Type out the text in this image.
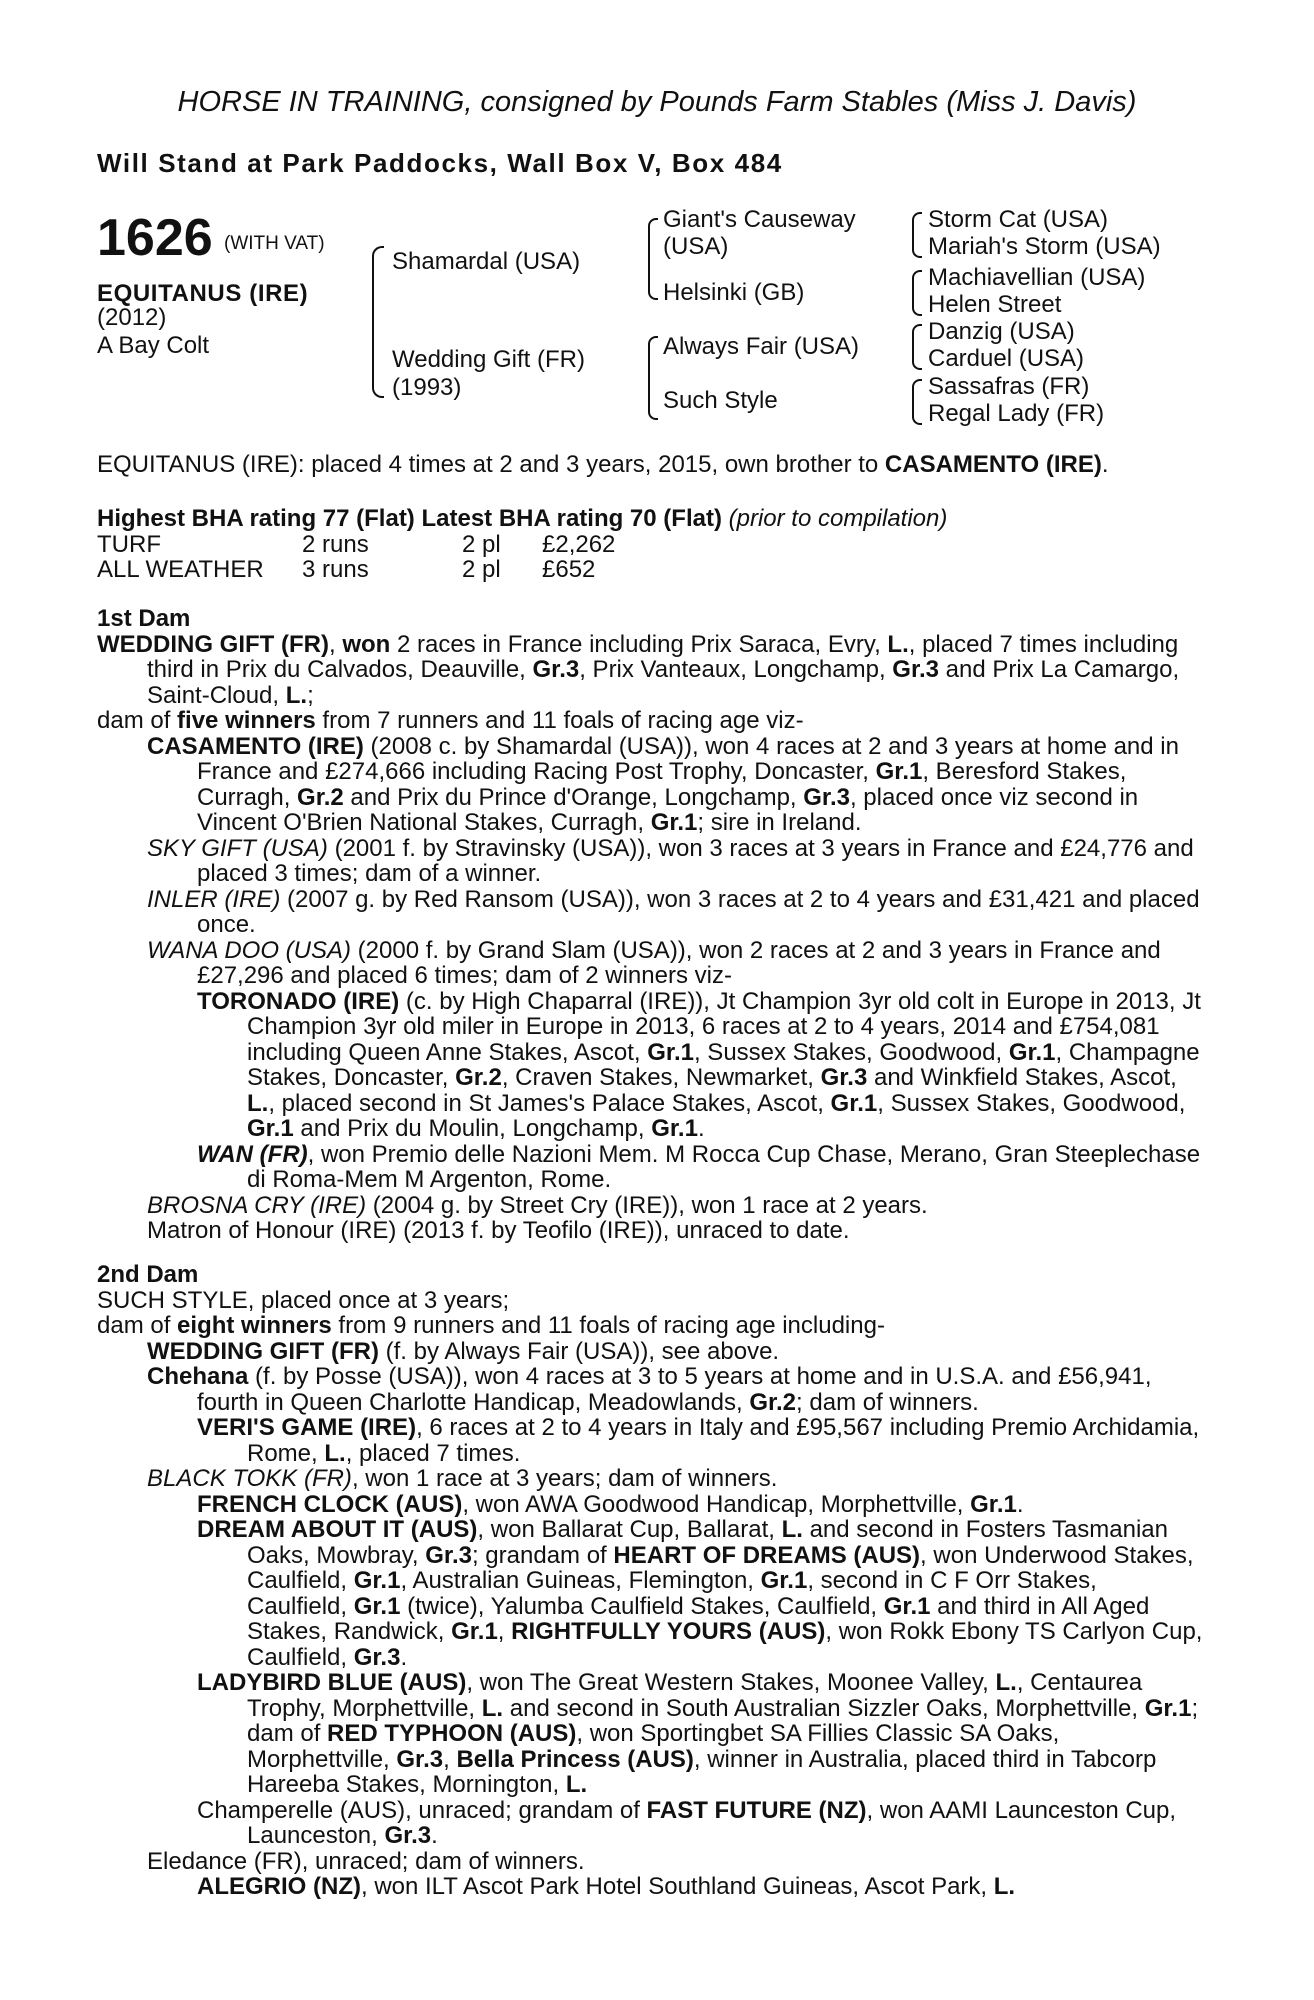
HORSE IN TRAINING, consigned by Pounds Farm Stables (Miss J. Davis)
Will Stand at Park Paddocks, Wall Box V, Box 484
1626 (WITH VAT)
EQUITANUS (IRE)
(2012)
A Bay Colt
Shamardal (USA)
Wedding Gift (FR)
(1993)
Giant's Causeway
(USA)
Helsinki (GB)
Always Fair (USA)
Such Style
Storm Cat (USA)
Mariah's Storm (USA)
Machiavellian (USA)
Helen Street
Danzig (USA)
Carduel (USA)
Sassafras (FR)
Regal Lady (FR)

EQUITANUS (IRE): placed 4 times at 2 and 3 years, 2015, own brother to CASAMENTO (IRE).

Highest BHA rating 77 (Flat) Latest BHA rating 70 (Flat) (prior to compilation)

TURF	2 runs	2 pl	£2,262
ALL WEATHER	3 runs	2 pl	£652

1st Dam

WEDDING GIFT (FR), won 2 races in France including Prix Saraca, Evry, L., placed 7 times including third in Prix du Calvados, Deauville, Gr.3, Prix Vanteaux, Longchamp, Gr.3 and Prix La Camargo, Saint-Cloud, L.;

dam of five winners from 7 runners and 11 foals of racing age viz-

CASAMENTO (IRE) (2008 c. by Shamardal (USA)), won 4 races at 2 and 3 years at home and in France and £274,666 including Racing Post Trophy, Doncaster, Gr.1, Beresford Stakes, Curragh, Gr.2 and Prix du Prince d'Orange, Longchamp, Gr.3, placed once viz second in Vincent O'Brien National Stakes, Curragh, Gr.1; sire in Ireland.

SKY GIFT (USA) (2001 f. by Stravinsky (USA)), won 3 races at 3 years in France and £24,776 and placed 3 times; dam of a winner.

INLER (IRE) (2007 g. by Red Ransom (USA)), won 3 races at 2 to 4 years and £31,421 and placed once.

WANA DOO (USA) (2000 f. by Grand Slam (USA)), won 2 races at 2 and 3 years in France and £27,296 and placed 6 times; dam of 2 winners viz-

TORONADO (IRE) (c. by High Chaparral (IRE)), Jt Champion 3yr old colt in Europe in 2013, Jt Champion 3yr old miler in Europe in 2013, 6 races at 2 to 4 years, 2014 and £754,081 including Queen Anne Stakes, Ascot, Gr.1, Sussex Stakes, Goodwood, Gr.1, Champagne Stakes, Doncaster, Gr.2, Craven Stakes, Newmarket, Gr.3 and Winkfield Stakes, Ascot, L., placed second in St James's Palace Stakes, Ascot, Gr.1, Sussex Stakes, Goodwood, Gr.1 and Prix du Moulin, Longchamp, Gr.1.

WAN (FR), won Premio delle Nazioni Mem. M Rocca Cup Chase, Merano, Gran Steeplechase di Roma-Mem M Argenton, Rome.

BROSNA CRY (IRE) (2004 g. by Street Cry (IRE)), won 1 race at 2 years.

Matron of Honour (IRE) (2013 f. by Teofilo (IRE)), unraced to date.

2nd Dam

SUCH STYLE, placed once at 3 years;

dam of eight winners from 9 runners and 11 foals of racing age including-

WEDDING GIFT (FR) (f. by Always Fair (USA)), see above.

Chehana (f. by Posse (USA)), won 4 races at 3 to 5 years at home and in U.S.A. and £56,941, fourth in Queen Charlotte Handicap, Meadowlands, Gr.2; dam of winners.

VERI'S GAME (IRE), 6 races at 2 to 4 years in Italy and £95,567 including Premio Archidamia, Rome, L., placed 7 times.

BLACK TOKK (FR), won 1 race at 3 years; dam of winners.

FRENCH CLOCK (AUS), won AWA Goodwood Handicap, Morphettville, Gr.1.

DREAM ABOUT IT (AUS), won Ballarat Cup, Ballarat, L. and second in Fosters Tasmanian Oaks, Mowbray, Gr.3; grandam of HEART OF DREAMS (AUS), won Underwood Stakes, Caulfield, Gr.1, Australian Guineas, Flemington, Gr.1, second in C F Orr Stakes, Caulfield, Gr.1 (twice), Yalumba Caulfield Stakes, Caulfield, Gr.1 and third in All Aged Stakes, Randwick, Gr.1, RIGHTFULLY YOURS (AUS), won Rokk Ebony TS Carlyon Cup, Caulfield, Gr.3.

LADYBIRD BLUE (AUS), won The Great Western Stakes, Moonee Valley, L., Centaurea Trophy, Morphettville, L. and second in South Australian Sizzler Oaks, Morphettville, Gr.1; dam of RED TYPHOON (AUS), won Sportingbet SA Fillies Classic SA Oaks, Morphettville, Gr.3, Bella Princess (AUS), winner in Australia, placed third in Tabcorp Hareeba Stakes, Mornington, L.

Champerelle (AUS), unraced; grandam of FAST FUTURE (NZ), won AAMI Launceston Cup, Launceston, Gr.3.

Eledance (FR), unraced; dam of winners.

ALEGRIO (NZ), won ILT Ascot Park Hotel Southland Guineas, Ascot Park, L.
